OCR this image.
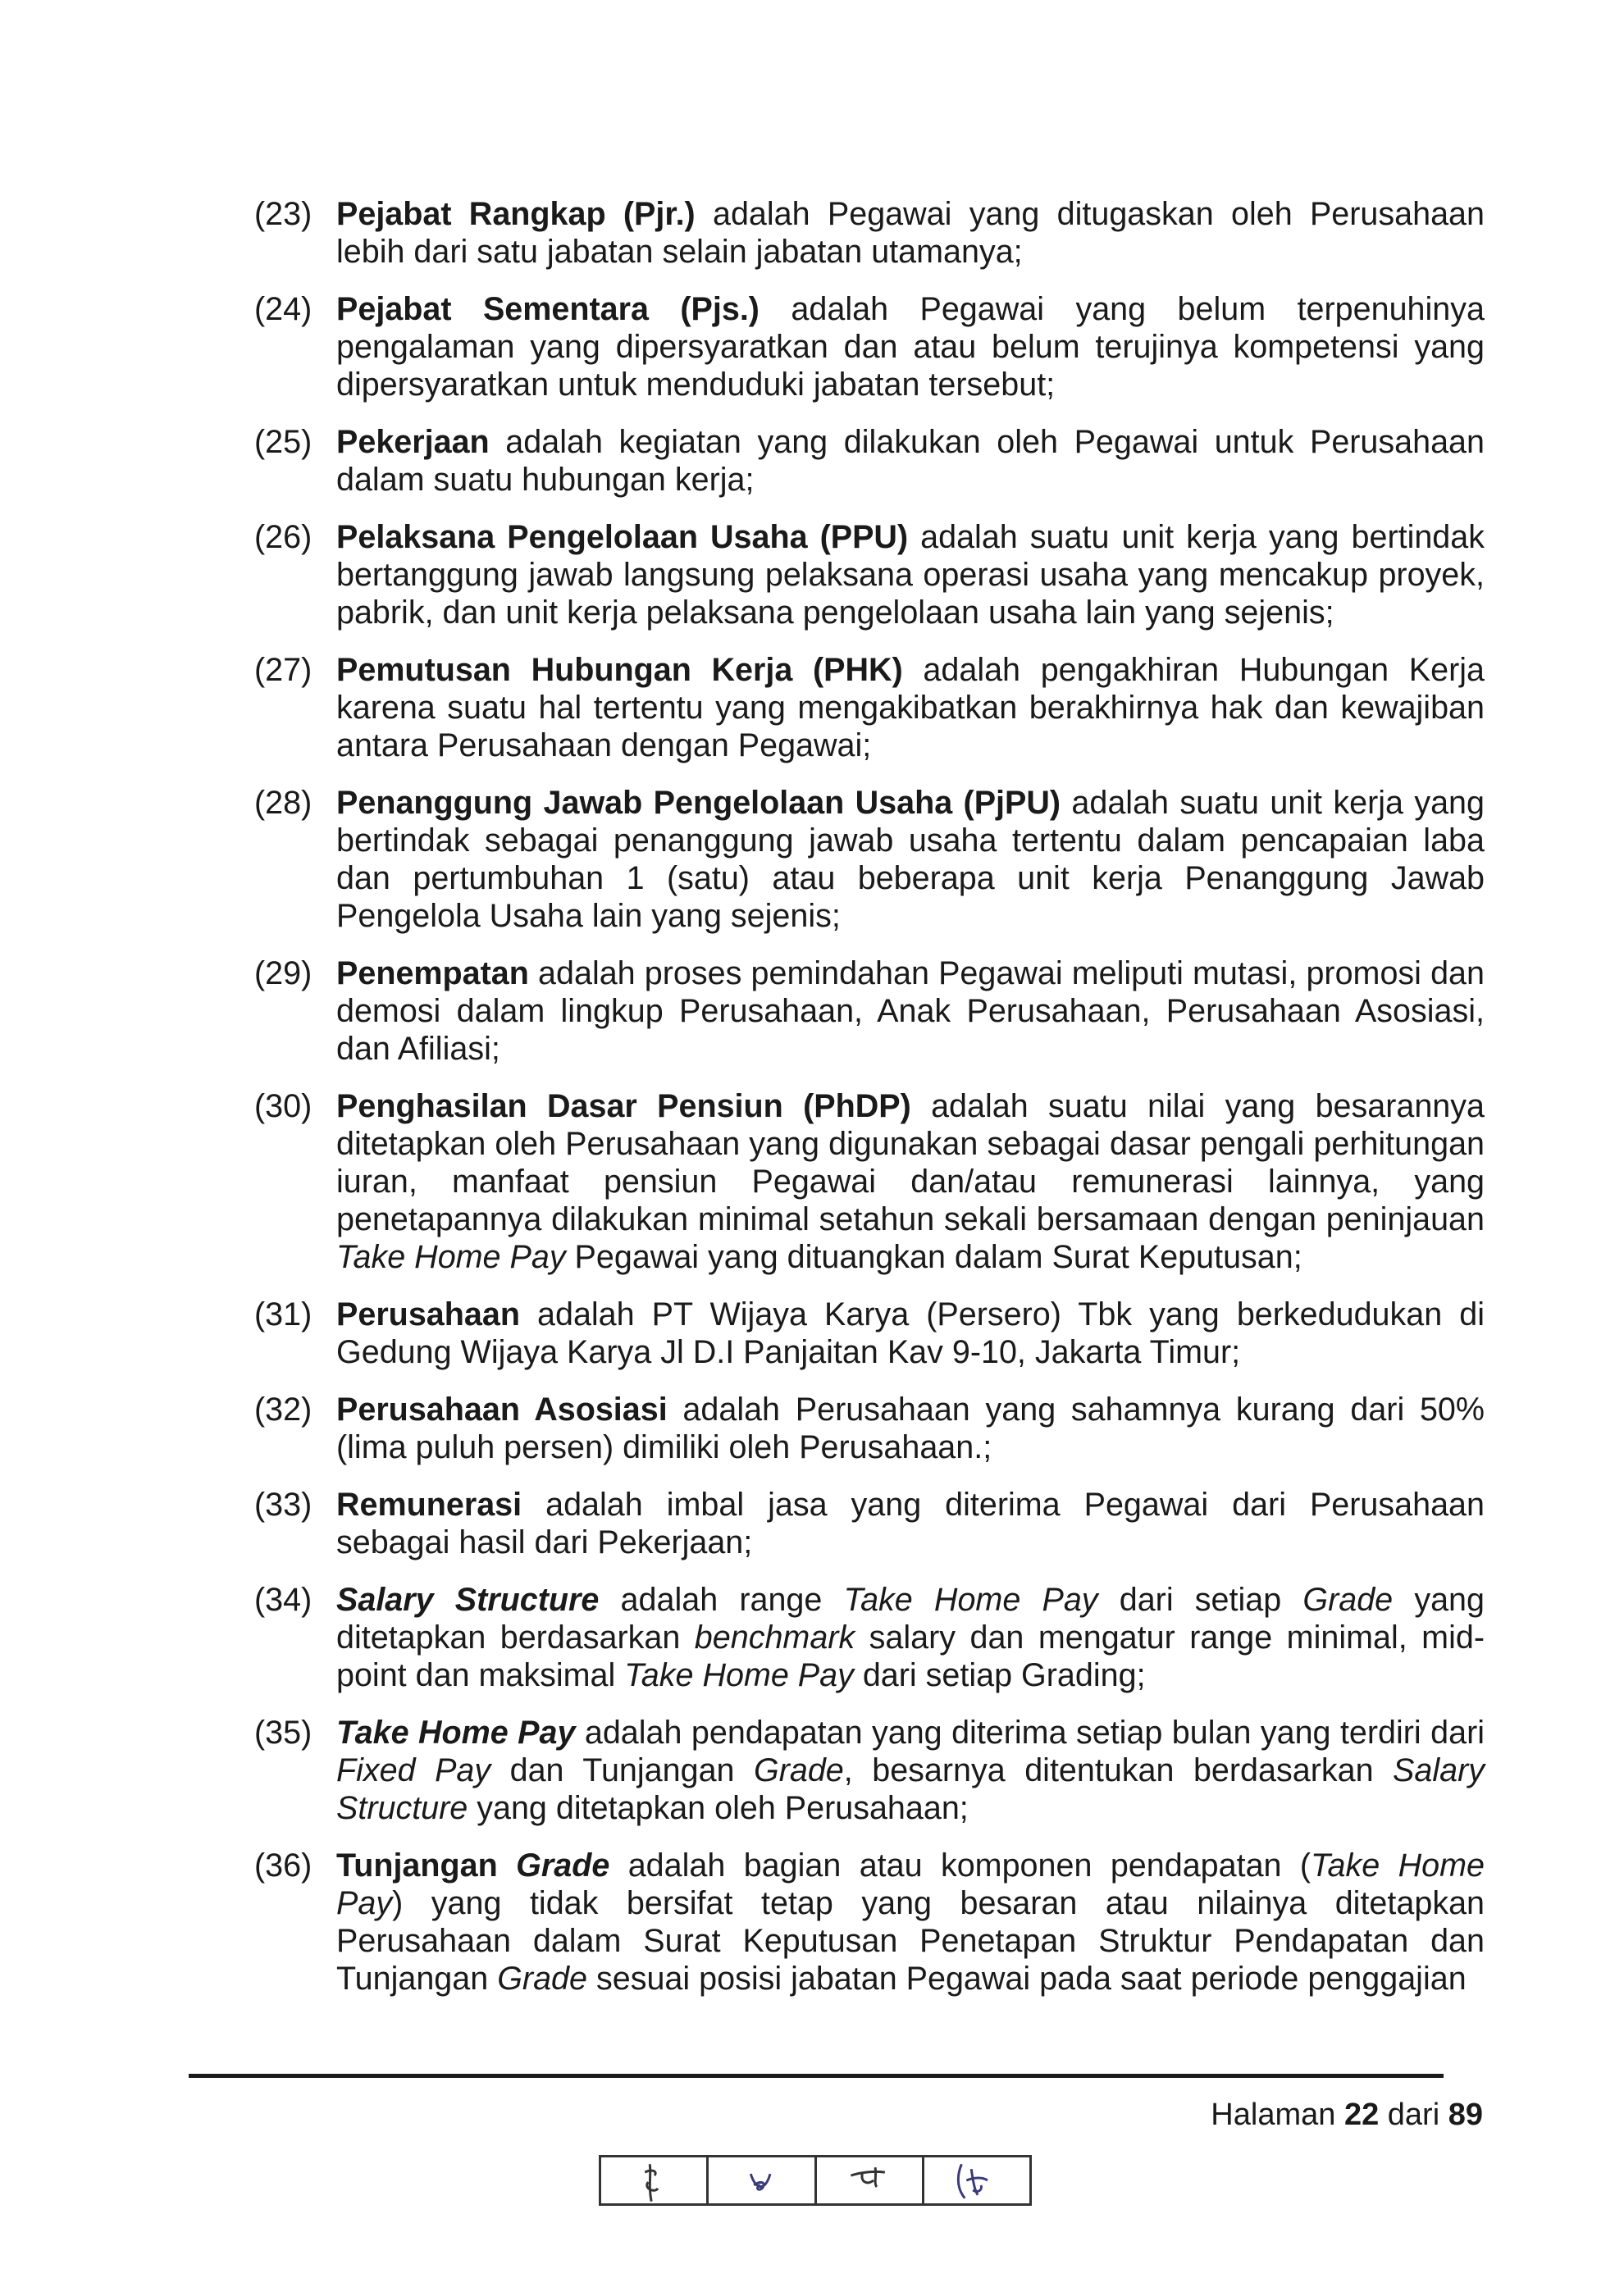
(23) Pejabat Rangkap (Pjr.) adalah Pegawai yang ditugaskan oleh Perusahaan lebih dari satu jabatan selain jabatan utamanya;
(24) Pejabat Sementara (Pjs.) adalah Pegawai yang belum terpenuhinya pengalaman yang dipersyaratkan dan atau belum terujinya kompetensi yang dipersyaratkan untuk menduduki jabatan tersebut;
(25) Pekerjaan adalah kegiatan yang dilakukan oleh Pegawai untuk Perusahaan dalam suatu hubungan kerja;
(26) Pelaksana Pengelolaan Usaha (PPU) adalah suatu unit kerja yang bertindak bertanggung jawab langsung pelaksana operasi usaha yang mencakup proyek, pabrik, dan unit kerja pelaksana pengelolaan usaha lain yang sejenis;
(27) Pemutusan Hubungan Kerja (PHK) adalah pengakhiran Hubungan Kerja karena suatu hal tertentu yang mengakibatkan berakhirnya hak dan kewajiban antara Perusahaan dengan Pegawai;
(28) Penanggung Jawab Pengelolaan Usaha (PjPU) adalah suatu unit kerja yang bertindak sebagai penanggung jawab usaha tertentu dalam pencapaian laba dan pertumbuhan 1 (satu) atau beberapa unit kerja Penanggung Jawab Pengelola Usaha lain yang sejenis;
(29) Penempatan adalah proses pemindahan Pegawai meliputi mutasi, promosi dan demosi dalam lingkup Perusahaan, Anak Perusahaan, Perusahaan Asosiasi, dan Afiliasi;
(30) Penghasilan Dasar Pensiun (PhDP) adalah suatu nilai yang besarannya ditetapkan oleh Perusahaan yang digunakan sebagai dasar pengali perhitungan iuran, manfaat pensiun Pegawai dan/atau remunerasi lainnya, yang penetapannya dilakukan minimal setahun sekali bersamaan dengan peninjauan Take Home Pay Pegawai yang dituangkan dalam Surat Keputusan;
(31) Perusahaan adalah PT Wijaya Karya (Persero) Tbk yang berkedudukan di Gedung Wijaya Karya Jl D.I Panjaitan Kav 9-10, Jakarta Timur;
(32) Perusahaan Asosiasi adalah Perusahaan yang sahamnya kurang dari 50% (lima puluh persen) dimiliki oleh Perusahaan.;
(33) Remunerasi adalah imbal jasa yang diterima Pegawai dari Perusahaan sebagai hasil dari Pekerjaan;
(34) Salary Structure adalah range Take Home Pay dari setiap Grade yang ditetapkan berdasarkan benchmark salary dan mengatur range minimal, mid-point dan maksimal Take Home Pay dari setiap Grading;
(35) Take Home Pay adalah pendapatan yang diterima setiap bulan yang terdiri dari Fixed Pay dan Tunjangan Grade, besarnya ditentukan berdasarkan Salary Structure yang ditetapkan oleh Perusahaan;
(36) Tunjangan Grade adalah bagian atau komponen pendapatan (Take Home Pay) yang tidak bersifat tetap yang besaran atau nilainya ditetapkan Perusahaan dalam Surat Keputusan Penetapan Struktur Pendapatan dan Tunjangan Grade sesuai posisi jabatan Pegawai pada saat periode penggajian
Halaman 22 dari 89
